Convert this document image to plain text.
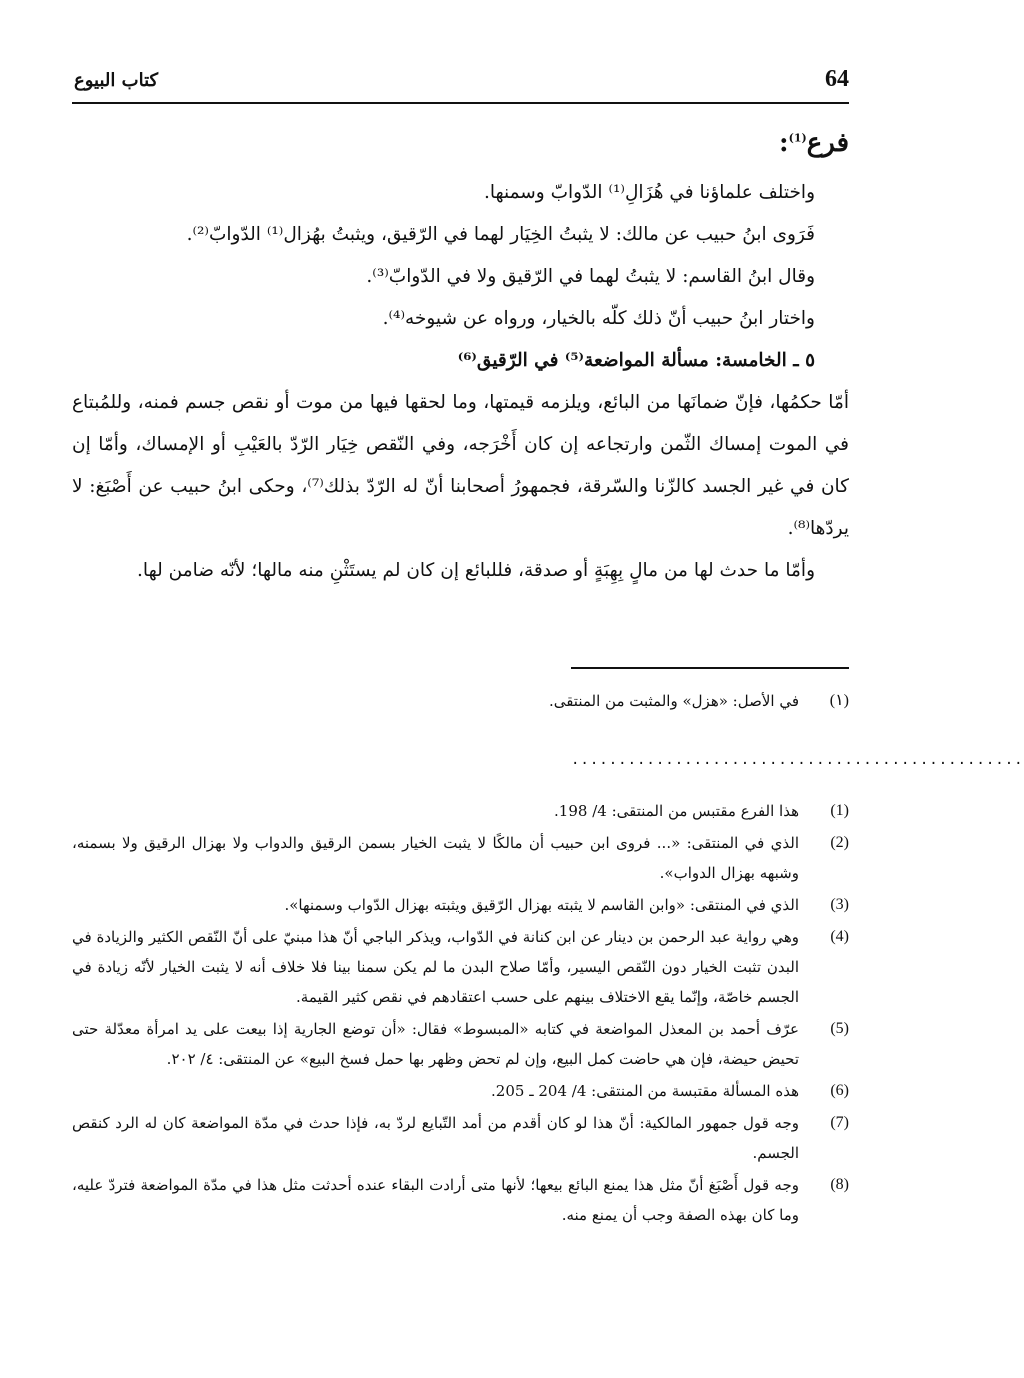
64
كتاب البيوع
فرع$^{(1)}$:

واختلف علماؤنا في هُزَالِ⁽¹⁾ الدّوابّ وسمنها.

فَرَوى ابنُ حبيب عن مالك: لا يثبتُ الخِيَار لهما في الرّقيق، ويثبتُ بهُزال⁽¹⁾ الدّوابّ⁽²⁾.

وقال ابنُ القاسم: لا يثبتُ لهما في الرّقيق ولا في الدّوابّ⁽³⁾.

واختار ابنُ حبيب أنّ ذلك كلّه بالخيار، ورواه عن شيوخه⁽⁴⁾.

٥ ـ الخامسة: مسألة المواضعة⁽⁵⁾ في الرّقيق⁽⁶⁾

أمّا حكمُها، فإنّ ضمانَها من البائع، ويلزمه قيمتها، وما لحقها فيها من موت أو نقص جسم فمنه، وللمُبتاع في الموت إمساك الثّمن وارتجاعه إن كان أَخْرَجه، وفي النّقص خِيَار الرّدّ بالعَيْبِ أو الإمساك، وأمّا إن كان في غير الجسد كالزّنا والسّرقة، فجمهورُ أصحابنا أنّ له الرّدّ بذلك⁽⁷⁾، وحكى ابنُ حبيب عن أَصْبَغ: لا يردّها⁽⁸⁾.

وأمّا ما حدث لها من مالٍ بِهِبَةٍ أو صدقة، فللبائع إن كان لم يستَثْنِ منه مالها؛ لأنّه ضامن لها.

(١)
في الأصل: «هزل» والمثبت من المنتقى.
................................................
(1)
هذا الفرع مقتبس من المنتقى: 4/ 198.
(2)
الذي في المنتقى: «... فروى ابن حبيب أن مالكًا لا يثبت الخيار بسمن الرقيق والدواب ولا بهزال الرقيق ولا بسمنه، وشبهه بهزال الدواب».
(3)
الذي في المنتقى: «وابن القاسم لا يثبته بهزال الرّقيق ويثبته بهزال الدّواب وسمنها».
(4)
وهي رواية عبد الرحمن بن دينار عن ابن كنانة في الدّواب، ويذكر الباجي أنّ هذا مبنيّ على أنّ النّقص الكثير والزيادة في البدن تثبت الخيار دون النّقص اليسير، وأمّا صلاح البدن ما لم يكن سمنا بينا فلا خلاف أنه لا يثبت الخيار لأنّه زيادة في الجسم خاصّة، وإنّما يقع الاختلاف بينهم على حسب اعتقادهم في نقص كثير القيمة.
(5)
عرّف أحمد بن المعذل المواضعة في كتابه «المبسوط» فقال: «أن توضع الجارية إذا بيعت على يد امرأة معدّلة حتى تحيض حيضة، فإن هي حاضت كمل البيع، وإن لم تحض وظهر بها حمل فسخ البيع» عن المنتقى: ٤/ ٢٠٢.
(6)
هذه المسألة مقتبسة من المنتقى: 4/ 204 ـ 205.
(7)
وجه قول جمهور المالكية: أنّ هذا لو كان أقدم من أمد التّبايع لردّ به، فإذا حدث في مدّة المواضعة كان له الرد كنقص الجسم.
(8)
وجه قول أَصْبَغ أنّ مثل هذا يمنع البائع بيعها؛ لأنها متى أرادت البقاء عنده أحدثت مثل هذا في مدّة المواضعة فتردّ عليه، وما كان بهذه الصفة وجب أن يمنع منه.
